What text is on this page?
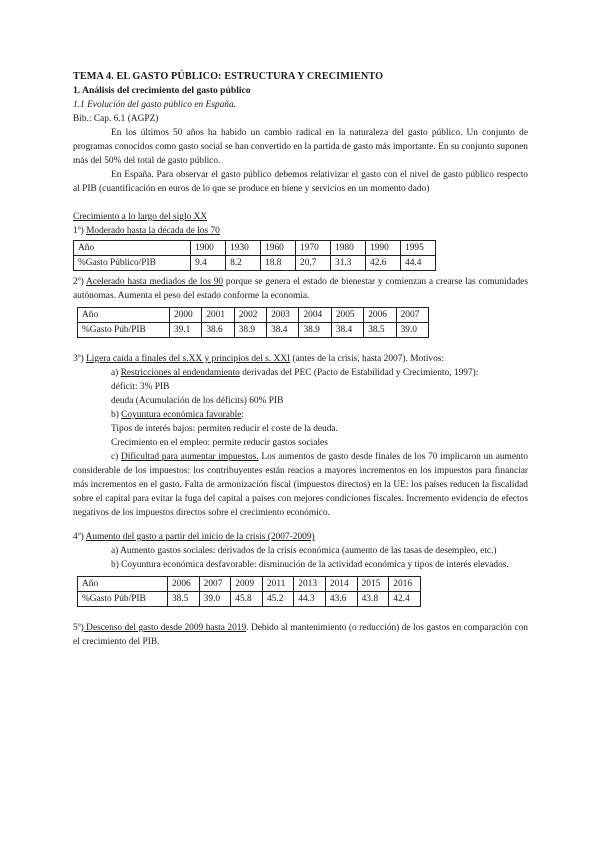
TEMA 4. EL GASTO PÚBLICO: ESTRUCTURA Y CRECIMIENTO
1. Análisis del crecimiento del gasto público
1.1 Evolución del gasto público en España.
Bib.: Cap. 6.1 (AGPZ)
En los últimos 50 años ha habido un cambio radical en la naturaleza del gasto público. Un conjunto de programas conocidos como gasto social se han convertido en la partida de gasto más importante. En su conjunto suponen más del 50% del total de gasto público.
En España. Para observar el gasto público debemos relativizar el gasto con el nivel de gasto público respecto al PIB (cuantificación en euros de lo que se produce en biene y servicios en un momento dado)
Crecimiento a lo largo del siglo XX
1º) Moderado hasta la década de los 70
Año	1900	1930	1960	1970	1980	1990	1995
%Gasto Público/PIB	9.4	8.2	18.8	20.7	31.3	42.6	44.4
2º) Acelerado hasta mediados de los 90 porque se genera el estado de bienestar y comienzan a crearse las comunidades autónomas. Aumenta el peso del estado conforme la economía.
Año	2000	2001	2002	2003	2004	2005	2006	2007
%Gasto Púb/PIB	39.1	38.6	38.9	38.4	38.9	38.4	38.5	39.0
3º) Ligera caída a finales del s.XX y principios del s. XXI (antes de la crisis, hasta 2007). Motivos:
a) Restricciones al endeudamiento derivadas del PEC (Pacto de Estabilidad y Crecimiento, 1997):
déficit: 3% PIB
deuda (Acumulación de los déficits) 60% PIB
b) Coyuntura económica favorable:
Tipos de interés bajos: permiten reducir el coste de la deuda.
Crecimiento en el empleo: permite reducir gastos sociales
c) Dificultad para aumentar impuestos. Los aumentos de gasto desde finales de los 70 implicaron un aumento considerable de los impuestos: los contribuyentes están reacios a mayores incrementos en los impuestos para financiar más incrementos en el gasto. Falta de armonización fiscal (impuestos directos) en la UE: los países reducen la fiscalidad sobre el capital para evitar la fuga del capital a países con mejores condiciones fiscales. Incremento evidencia de efectos negativos de los impuestos directos sobre el crecimiento económico.
4º) Aumento del gasto a partir del inicio de la crisis (2007-2009)
a) Aumento gastos sociales: derivados de la crisis económica (aumento de las tasas de desempleo, etc.)
b) Coyuntura económica desfavorable: disminución de la actividad económica y tipos de interés elevados.
Año	2006	2007	2009	2011	2013	2014	2015	2016
%Gasto Púb/PIB	38.5	39.0	45.8	45.2	44.3	43.6	43.8	42.4
5º) Descenso del gasto desde 2009 hasta 2019. Debido al mantenimiento (o reducción) de los gastos en comparación con el crecimiento del PIB.
